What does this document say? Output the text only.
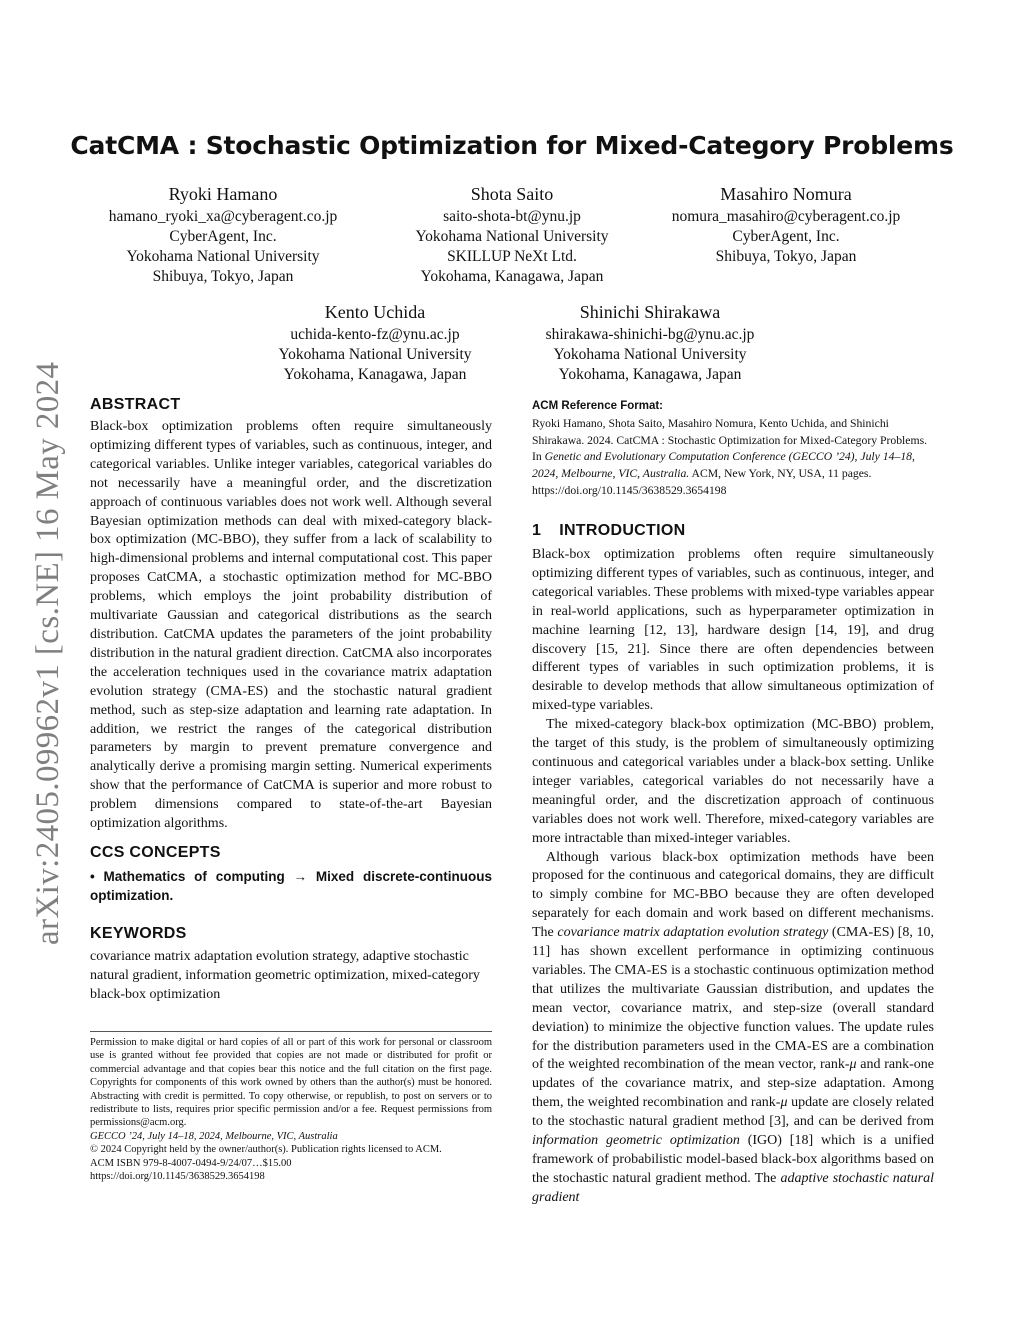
arXiv:2405.09962v1 [cs.NE] 16 May 2024
CatCMA : Stochastic Optimization for Mixed-Category Problems
Ryoki Hamano
hamano_ryoki_xa@cyberagent.co.jp
CyberAgent, Inc.
Yokohama National University
Shibuya, Tokyo, Japan
Shota Saito
saito-shota-bt@ynu.jp
Yokohama National University
SKILLUP NeXt Ltd.
Yokohama, Kanagawa, Japan
Masahiro Nomura
nomura_masahiro@cyberagent.co.jp
CyberAgent, Inc.
Shibuya, Tokyo, Japan
Kento Uchida
uchida-kento-fz@ynu.ac.jp
Yokohama National University
Yokohama, Kanagawa, Japan
Shinichi Shirakawa
shirakawa-shinichi-bg@ynu.ac.jp
Yokohama National University
Yokohama, Kanagawa, Japan
ABSTRACT
Black-box optimization problems often require simultaneously optimizing different types of variables, such as continuous, integer, and categorical variables. Unlike integer variables, categorical variables do not necessarily have a meaningful order, and the discretization approach of continuous variables does not work well. Although several Bayesian optimization methods can deal with mixed-category black-box optimization (MC-BBO), they suffer from a lack of scalability to high-dimensional problems and internal computational cost. This paper proposes CatCMA, a stochastic optimization method for MC-BBO problems, which employs the joint probability distribution of multivariate Gaussian and categorical distributions as the search distribution. CatCMA updates the parameters of the joint probability distribution in the natural gradient direction. CatCMA also incorporates the acceleration techniques used in the covariance matrix adaptation evolution strategy (CMA-ES) and the stochastic natural gradient method, such as step-size adaptation and learning rate adaptation. In addition, we restrict the ranges of the categorical distribution parameters by margin to prevent premature convergence and analytically derive a promising margin setting. Numerical experiments show that the performance of CatCMA is superior and more robust to problem dimensions compared to state-of-the-art Bayesian optimization algorithms.
CCS CONCEPTS
• Mathematics of computing → Mixed discrete-continuous optimization.
KEYWORDS
covariance matrix adaptation evolution strategy, adaptive stochastic natural gradient, information geometric optimization, mixed-category black-box optimization
Permission to make digital or hard copies of all or part of this work for personal or classroom use is granted without fee provided that copies are not made or distributed for profit or commercial advantage and that copies bear this notice and the full citation on the first page. Copyrights for components of this work owned by others than the author(s) must be honored. Abstracting with credit is permitted. To copy otherwise, or republish, to post on servers or to redistribute to lists, requires prior specific permission and/or a fee. Request permissions from permissions@acm.org.
GECCO ’24, July 14–18, 2024, Melbourne, VIC, Australia
© 2024 Copyright held by the owner/author(s). Publication rights licensed to ACM.
ACM ISBN 979-8-4007-0494-9/24/07…$15.00
https://doi.org/10.1145/3638529.3654198
ACM Reference Format:
Ryoki Hamano, Shota Saito, Masahiro Nomura, Kento Uchida, and Shinichi Shirakawa. 2024. CatCMA : Stochastic Optimization for Mixed-Category Problems. In Genetic and Evolutionary Computation Conference (GECCO ’24), July 14–18, 2024, Melbourne, VIC, Australia. ACM, New York, NY, USA, 11 pages. https://doi.org/10.1145/3638529.3654198
1 INTRODUCTION

Black-box optimization problems often require simultaneously optimizing different types of variables, such as continuous, integer, and categorical variables. These problems with mixed-type variables appear in real-world applications, such as hyperparameter optimization in machine learning [12, 13], hardware design [14, 19], and drug discovery [15, 21]. Since there are often dependencies between different types of variables in such optimization problems, it is desirable to develop methods that allow simultaneous optimization of mixed-type variables.

The mixed-category black-box optimization (MC-BBO) problem, the target of this study, is the problem of simultaneously optimizing continuous and categorical variables under a black-box setting. Unlike integer variables, categorical variables do not necessarily have a meaningful order, and the discretization approach of continuous variables does not work well. Therefore, mixed-category variables are more intractable than mixed-integer variables.

Although various black-box optimization methods have been proposed for the continuous and categorical domains, they are difficult to simply combine for MC-BBO because they are often developed separately for each domain and work based on different mechanisms. The covariance matrix adaptation evolution strategy (CMA-ES) [8, 10, 11] has shown excellent performance in optimizing continuous variables. The CMA-ES is a stochastic continuous optimization method that utilizes the multivariate Gaussian distribution, and updates the mean vector, covariance matrix, and step-size (overall standard deviation) to minimize the objective function values. The update rules for the distribution parameters used in the CMA-ES are a combination of the weighted recombination of the mean vector, rank-μ and rank-one updates of the covariance matrix, and step-size adaptation. Among them, the weighted recombination and rank-μ update are closely related to the stochastic natural gradient method [3], and can be derived from information geometric optimization (IGO) [18] which is a unified framework of probabilistic model-based black-box algorithms based on the stochastic natural gradient method. The adaptive stochastic natural gradient
